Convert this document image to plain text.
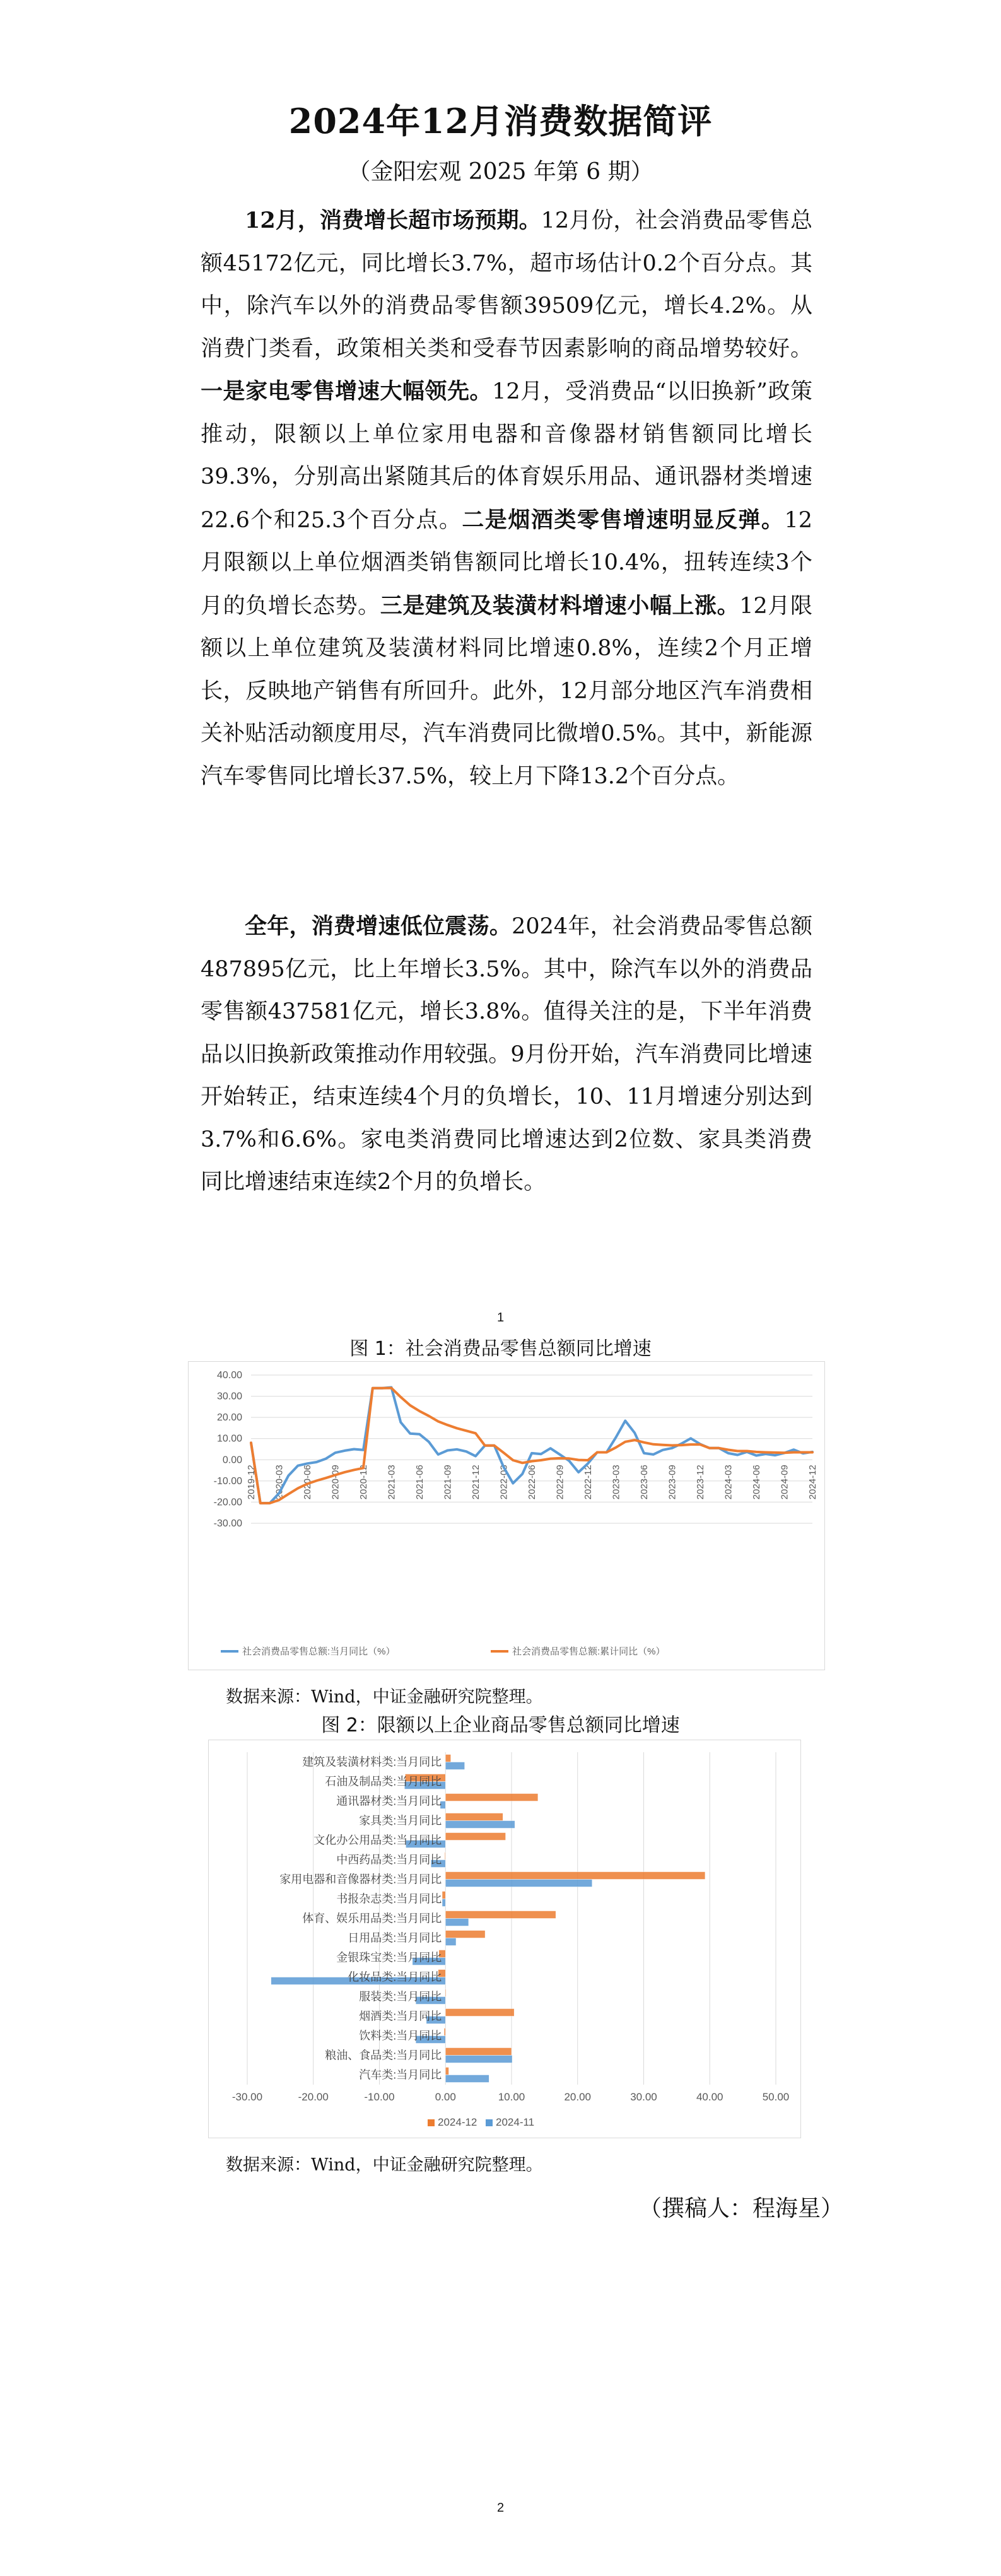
2024年12月消费数据简评
（金阳宏观 2025 年第 6 期）

12月，消费增长超市场预期。12月份，社会消费品零售总额45172亿元，同比增长3.7%，超市场估计0.2个百分点。其中，除汽车以外的消费品零售额39509亿元，增长4.2%。从消费门类看，政策相关类和受春节因素影响的商品增势较好。一是家电零售增速大幅领先。12月，受消费品“以旧换新”政策推动，限额以上单位家用电器和音像器材销售额同比增长39.3%，分别高出紧随其后的体育娱乐用品、通讯器材类增速22.6个和25.3个百分点。二是烟酒类零售增速明显反弹。12月限额以上单位烟酒类销售额同比增长10.4%，扭转连续3个月的负增长态势。三是建筑及装潢材料增速小幅上涨。12月限额以上单位建筑及装潢材料同比增速0.8%，连续2个月正增长，反映地产销售有所回升。此外，12月部分地区汽车消费相关补贴活动额度用尽，汽车消费同比微增0.5%。其中，新能源汽车零售同比增长37.5%，较上月下降13.2个百分点。

全年，消费增速低位震荡。2024年，社会消费品零售总额487895亿元，比上年增长3.5%。其中，除汽车以外的消费品零售额437581亿元，增长3.8%。值得关注的是，下半年消费品以旧换新政策推动作用较强。9月份开始，汽车消费同比增速开始转正，结束连续4个月的负增长，10、11月增速分别达到3.7%和6.6%。家电类消费同比增速达到2位数、家具类消费同比增速结束连续2个月的负增长。

1
图 1：社会消费品零售总额同比增速
-30.00
-20.00
-10.00
0.00
10.00
20.00
30.00
40.00
2019-12 2020-03 2020-06 2020-09 2020-12 2021-03 2021-06 2021-09 2021-12 2022-03 2022-06 2022-09 2022-12 2023-03 2023-06 2023-09 2023-12 2024-03 2024-06 2024-09 2024-12
社会消费品零售总额:当月同比（%）	社会消费品零售总额:累计同比（%）
数据来源：Wind，中证金融研究院整理。
图 2：限额以上企业商品零售总额同比增速
建筑及装潢材料类:当月同比
石油及制品类:当月同比
通讯器材类:当月同比
家具类:当月同比
文化办公用品类:当月同比
中西药品类:当月同比
家用电器和音像器材类:当月同比
书报杂志类:当月同比
体育、娱乐用品类:当月同比
日用品类:当月同比
金银珠宝类:当月同比
化妆品类:当月同比
服装类:当月同比
烟酒类:当月同比
饮料类:当月同比
粮油、食品类:当月同比
汽车类:当月同比
-30.00	-20.00	-10.00	0.00	10.00	20.00	30.00	40.00	50.00
2024-12 2024-11
数据来源：Wind，中证金融研究院整理。
（撰稿人：程海星）
2
